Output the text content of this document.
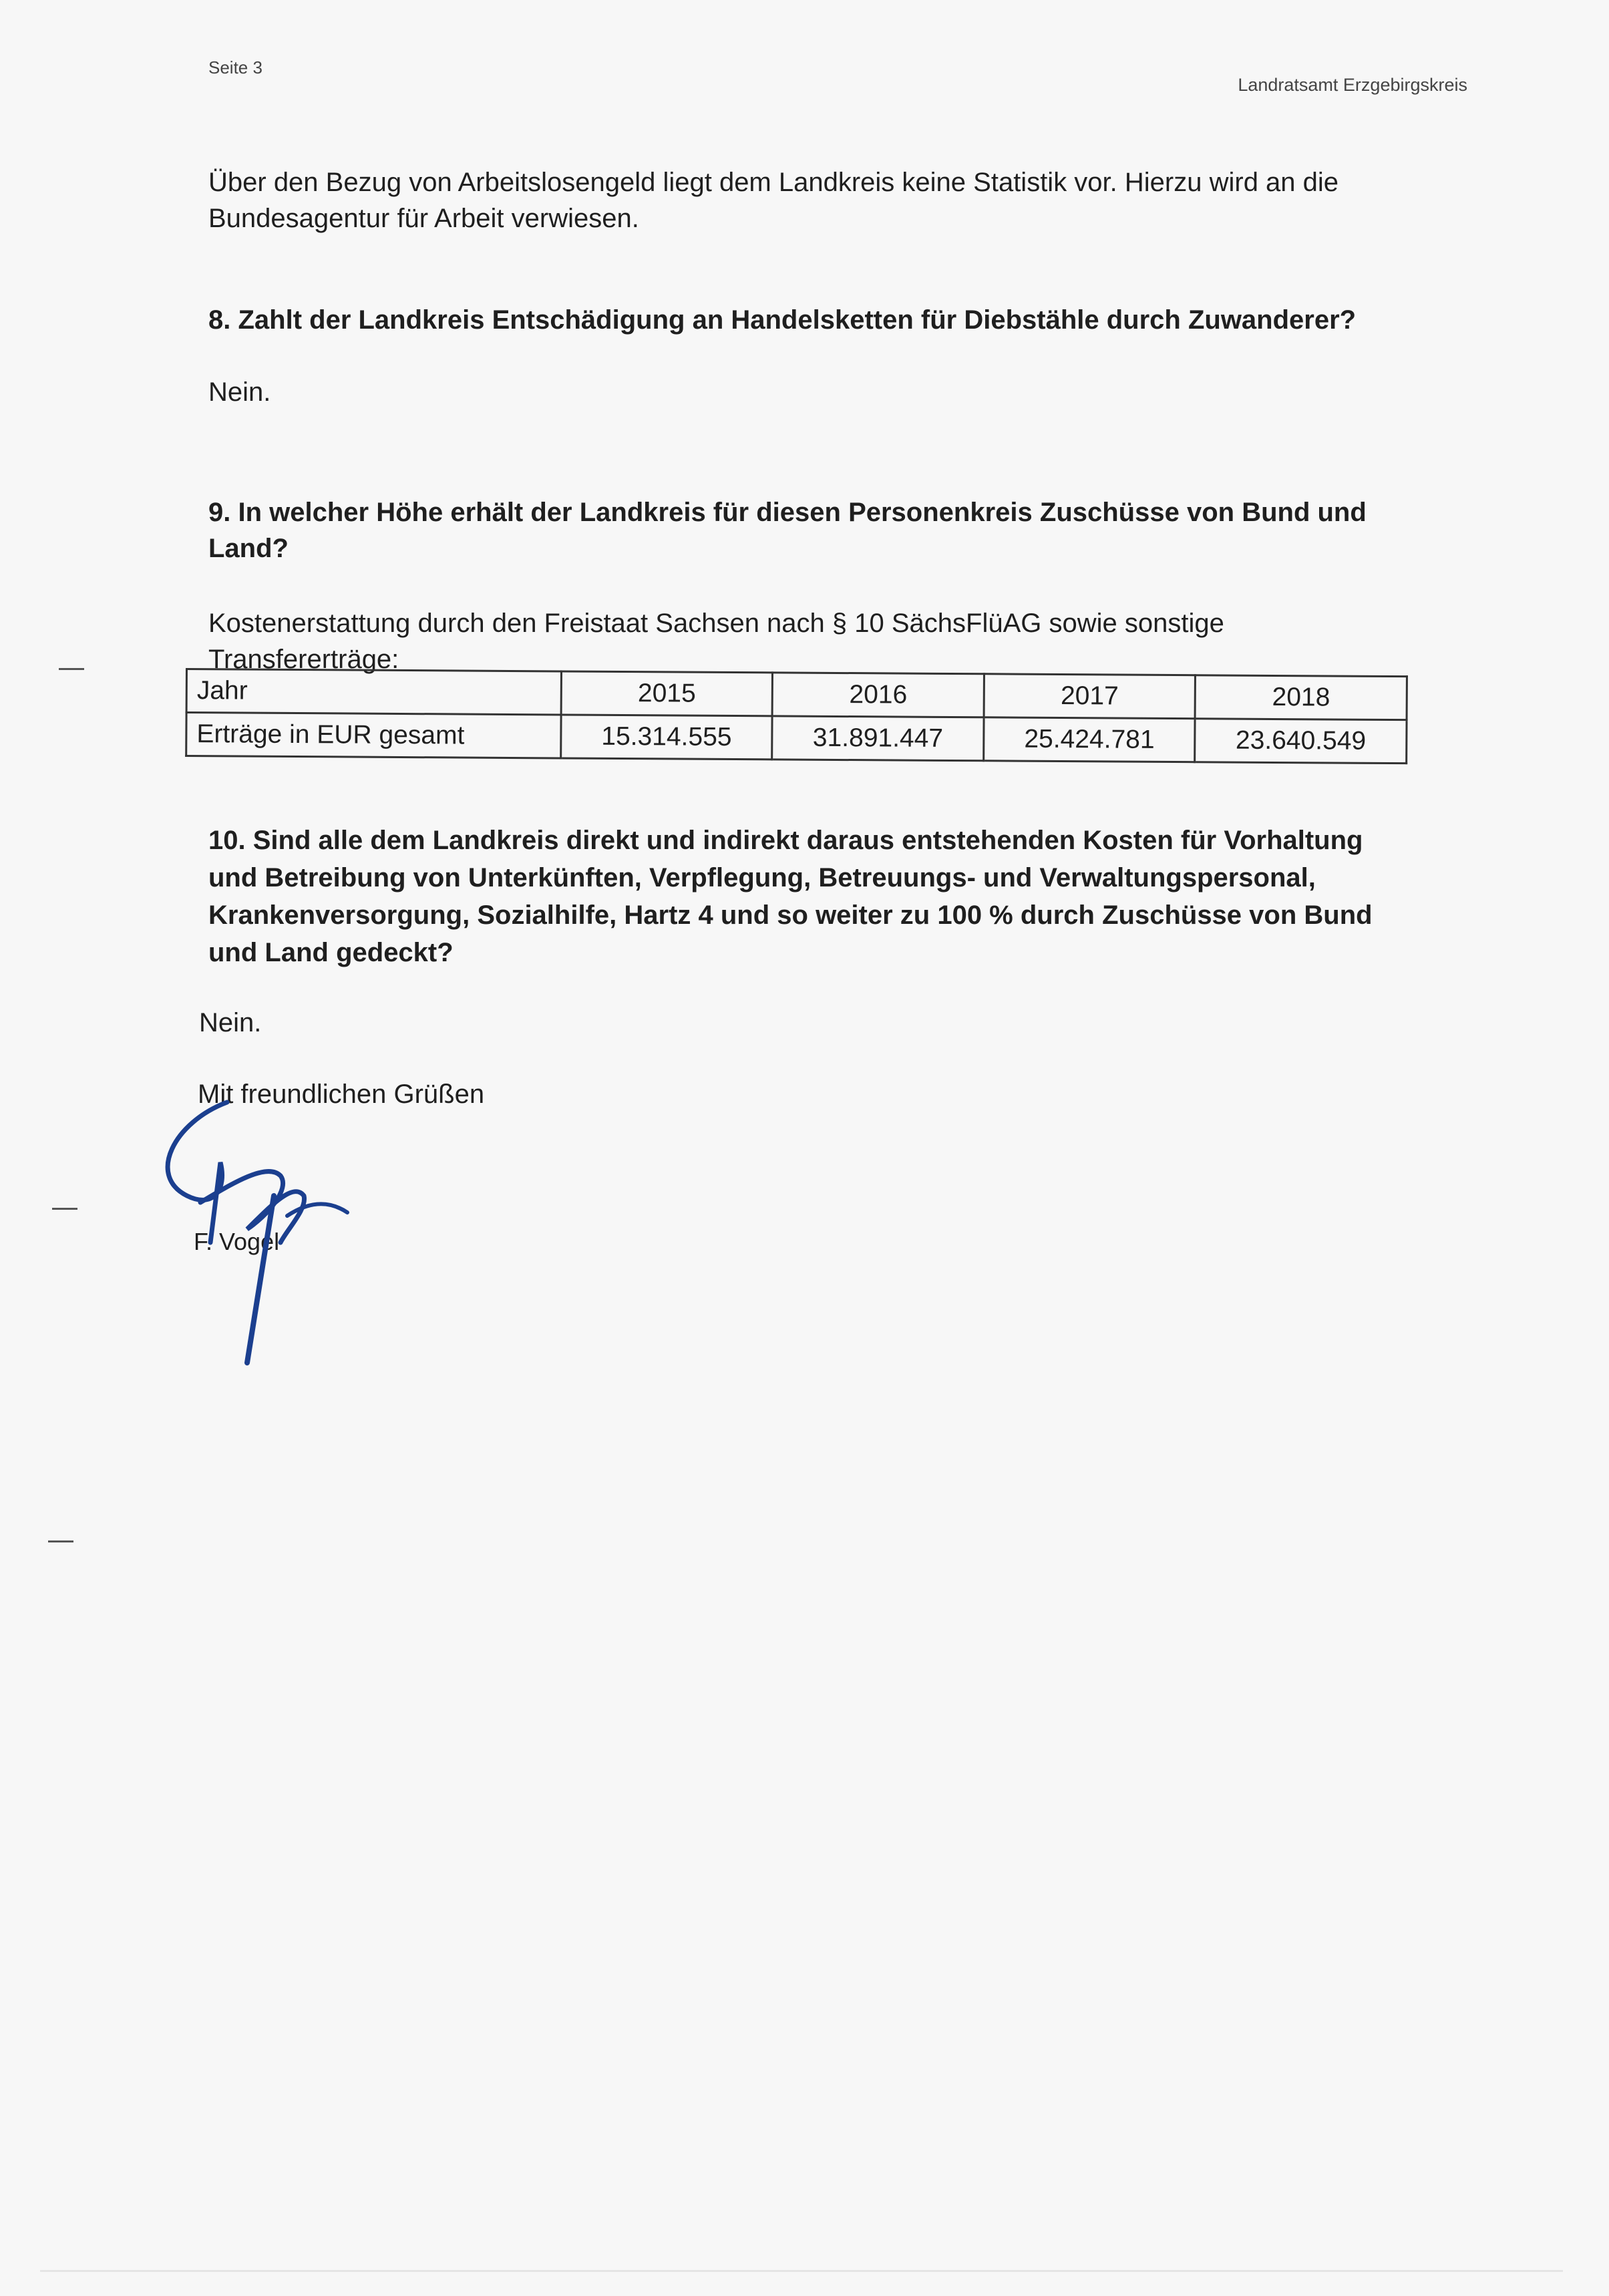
Seite 3
Landratsamt Erzgebirgskreis
Über den Bezug von Arbeitslosengeld liegt dem Landkreis keine Statistik vor. Hierzu wird an die Bundesagentur für Arbeit verwiesen.
8. Zahlt der Landkreis Entschädigung an Handelsketten für Diebstähle durch Zuwanderer?
Nein.
9. In welcher Höhe erhält der Landkreis für diesen Personenkreis Zuschüsse von Bund und Land?
Kostenerstattung durch den Freistaat Sachsen nach § 10 SächsFlüAG sowie sonstige Transfererträge:
Jahr	2015	2016	2017	2018
Erträge in EUR gesamt	15.314.555	31.891.447	25.424.781	23.640.549
10. Sind alle dem Landkreis direkt und indirekt daraus entstehenden Kosten für Vorhaltung und Betreibung von Unterkünften, Verpflegung, Betreuungs- und Verwaltungspersonal, Krankenversorgung, Sozialhilfe, Hartz 4 und so weiter zu 100 % durch Zuschüsse von Bund und Land gedeckt?
Nein.
Mit freundlichen Grüßen
F. Vogel
